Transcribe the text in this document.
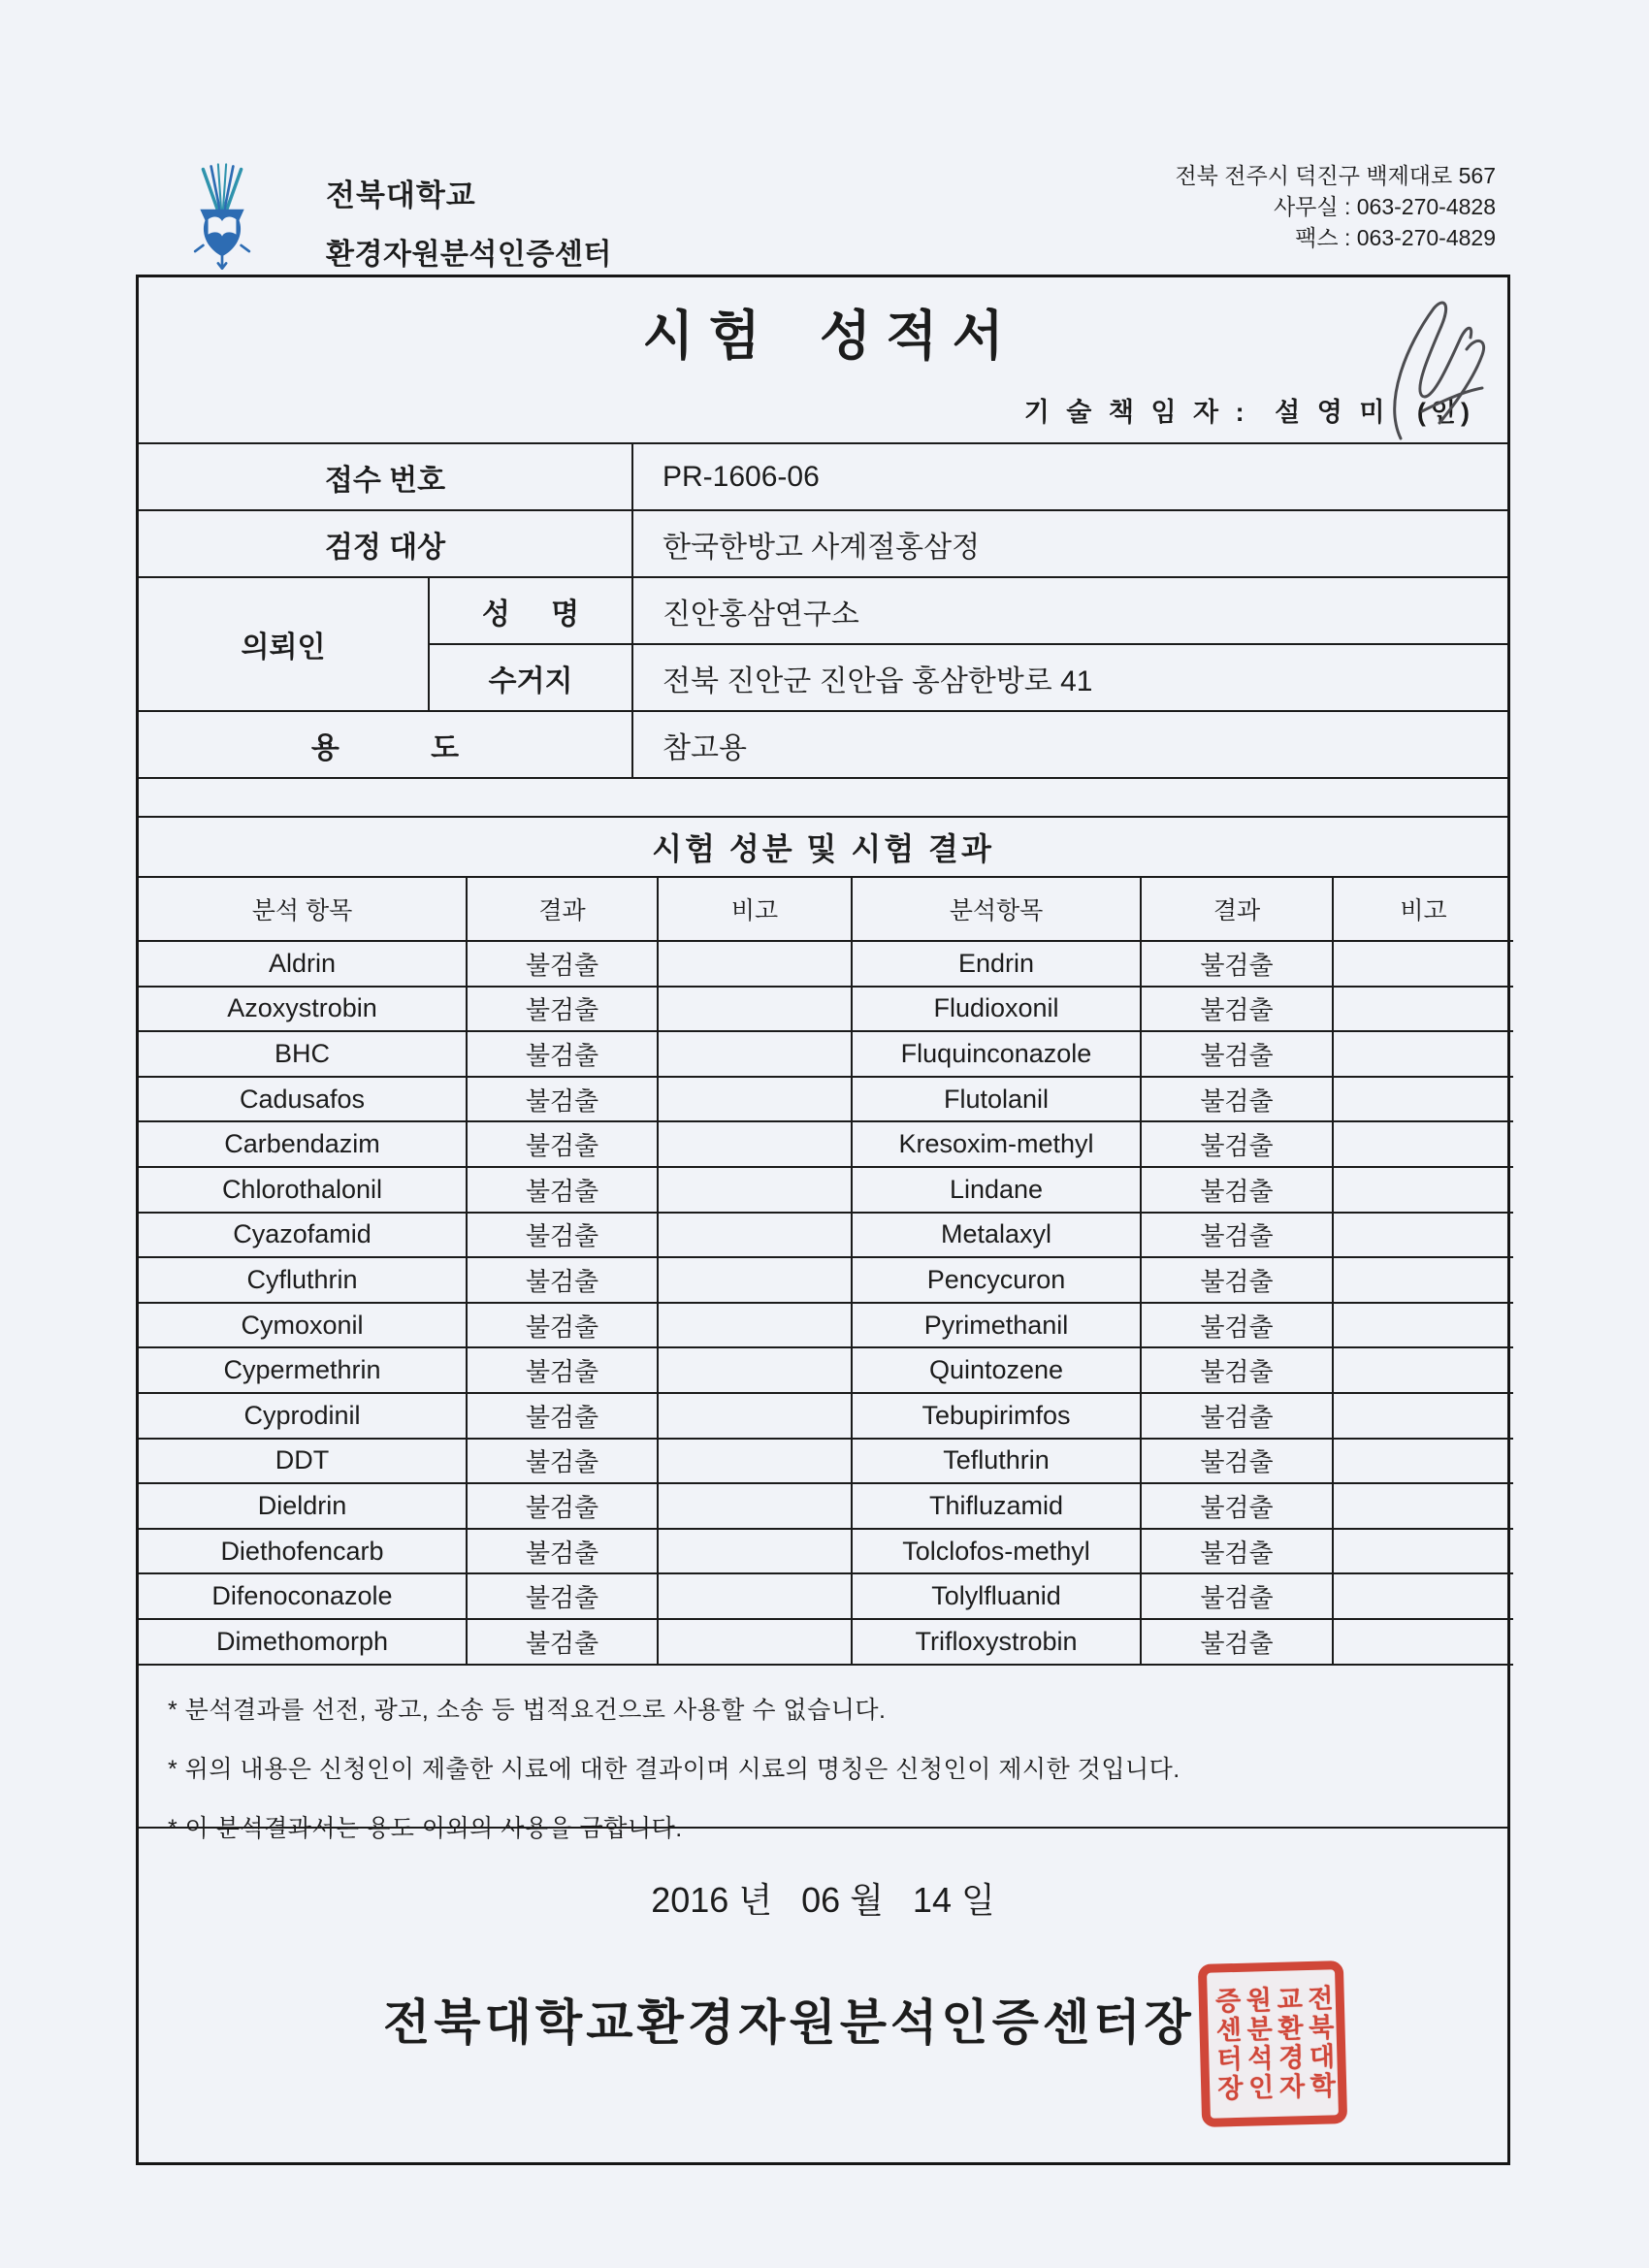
전북대학교
환경자원분석인증센터
전북 전주시 덕진구 백제대로 567
사무실 : 063-270-4828
팩스 : 063-270-4829
시 험    성 적 서
기 술 책 임 자 : 설 영 미 (인)
접수 번호	PR-1606-06
검정 대상	한국한방고 사계절홍삼정
의뢰인
성 명	진안홍삼연구소
수거지	전북 진안군 진안읍 홍삼한방로 41
용 도	참고용
시험 성분 및 시험 결과
분석 항목	결과	비고	분석항목	결과	비고
Aldrin	불검출		Endrin	불검출	
Azoxystrobin	불검출		Fludioxonil	불검출	
BHC	불검출		Fluquinconazole	불검출	
Cadusafos	불검출		Flutolanil	불검출	
Carbendazim	불검출		Kresoxim-methyl	불검출	
Chlorothalonil	불검출		Lindane	불검출	
Cyazofamid	불검출		Metalaxyl	불검출	
Cyfluthrin	불검출		Pencycuron	불검출	
Cymoxonil	불검출		Pyrimethanil	불검출	
Cypermethrin	불검출		Quintozene	불검출	
Cyprodinil	불검출		Tebupirimfos	불검출	
DDT	불검출		Tefluthrin	불검출	
Dieldrin	불검출		Thifluzamid	불검출	
Diethofencarb	불검출		Tolclofos-methyl	불검출	
Difenoconazole	불검출		Tolylfluanid	불검출	
Dimethomorph	불검출		Trifloxystrobin	불검출	
* 분석결과를 선전, 광고, 소송 등 법적요건으로 사용할 수 없습니다.
* 위의 내용은 신청인이 제출한 시료에 대한 결과이며 시료의 명칭은 신청인이 제시한 것입니다.
* 이 분석결과서는 용도 이외의 사용을 금합니다.
2016 년   06 월   14 일
전북대학교환경자원분석인증센터장	전북대학
교환경자
원분석인
증센터장
